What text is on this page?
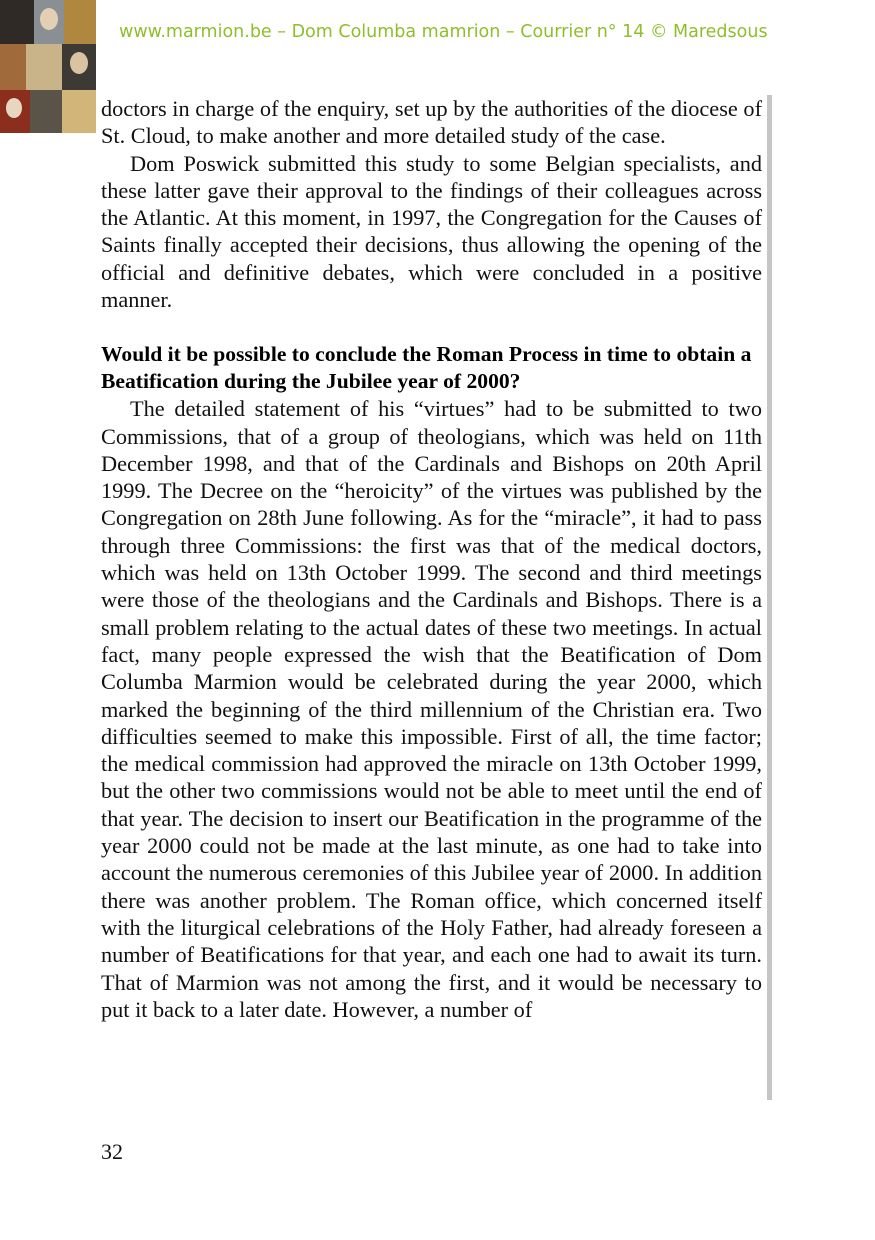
www.marmion.be – Dom Columba mamrion – Courrier n° 14 © Maredsous

doctors in charge of the enquiry, set up by the authorities of the diocese of St. Cloud, to make another and more detailed study of the case.

Dom Poswick submitted this study to some Belgian specialists, and these latter gave their approval to the findings of their colleagues across the Atlantic. At this moment, in 1997, the Congregation for the Causes of Saints finally accepted their decisions, thus allowing the opening of the official and definitive debates, which were concluded in a positive manner.

Would it be possible to conclude the Roman Process in time to obtain a Beatification during the Jubilee year of 2000?

The detailed statement of his “virtues” had to be submitted to two Commissions, that of a group of theologians, which was held on 11th December 1998, and that of the Cardinals and Bishops on 20th April 1999. The Decree on the “heroicity” of the virtues was published by the Congregation on 28th June following. As for the “miracle”, it had to pass through three Commissions: the first was that of the medical doctors, which was held on 13th October 1999. The second and third meetings were those of the theologians and the Cardinals and Bishops. There is a small problem relating to the actual dates of these two meetings. In actual fact, many people expressed the wish that the Beatification of Dom Columba Marmion would be celebrated during the year 2000, which marked the beginning of the third millennium of the Christian era. Two difficulties seemed to make this impossible. First of all, the time factor; the medical commission had approved the miracle on 13th October 1999, but the other two commissions would not be able to meet until the end of that year. The decision to insert our Beatification in the programme of the year 2000 could not be made at the last minute, as one had to take into account the numerous ceremonies of this Jubilee year of 2000. In addition there was another problem. The Roman office, which concerned itself with the liturgical celebrations of the Holy Father, had already foreseen a number of Beatifications for that year, and each one had to await its turn. That of Marmion was not among the first, and it would be necessary to put it back to a later date. However, a number of

32
